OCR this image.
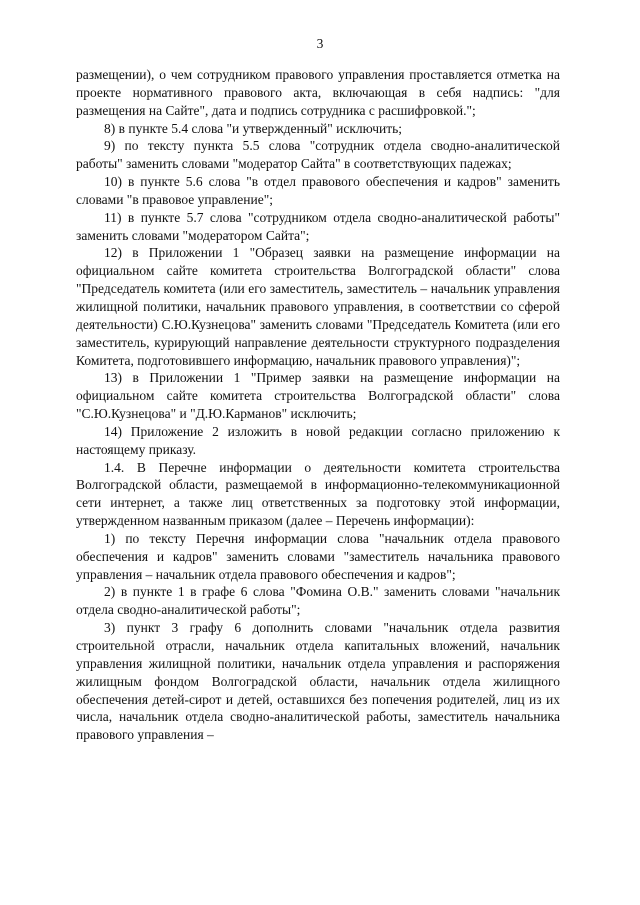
3

размещении), о чем сотрудником правового управления проставляется отметка на проекте нормативного правового акта, включающая в себя надпись: "для размещения на Сайте", дата и подпись сотрудника с расшифровкой.";

8) в пункте 5.4 слова "и утвержденный" исключить;

9) по тексту пункта 5.5 слова "сотрудник отдела сводно-аналитической работы" заменить словами "модератор Сайта" в соответствующих падежах;

10) в пункте 5.6 слова "в отдел правового обеспечения и кадров" заменить словами "в правовое управление";

11) в пункте 5.7 слова "сотрудником отдела сводно-аналитической работы" заменить словами "модератором Сайта";

12) в Приложении 1 "Образец заявки на размещение информации на официальном сайте комитета строительства Волгоградской области" слова "Председатель комитета (или его заместитель, заместитель – начальник управления жилищной политики, начальник правового управления, в соответствии со сферой деятельности) С.Ю.Кузнецова" заменить словами "Председатель Комитета (или его заместитель, курирующий направление деятельности структурного подразделения Комитета, подготовившего информацию, начальник правового управления)";

13) в Приложении 1 "Пример заявки на размещение информации на официальном сайте комитета строительства Волгоградской области" слова "С.Ю.Кузнецова" и "Д.Ю.Карманов" исключить;

14) Приложение 2 изложить в новой редакции согласно приложению к настоящему приказу.

1.4. В Перечне информации о деятельности комитета строительства Волгоградской области, размещаемой в информационно-телекоммуникационной сети интернет, а также лиц ответственных за подготовку этой информации, утвержденном названным приказом (далее – Перечень информации):

1) по тексту Перечня информации слова "начальник отдела правового обеспечения и кадров" заменить словами "заместитель начальника правового управления – начальник отдела правового обеспечения и кадров";

2) в пункте 1 в графе 6 слова "Фомина О.В." заменить словами "начальник отдела сводно-аналитической работы";

3) пункт 3 графу 6 дополнить словами "начальник отдела развития строительной отрасли, начальник отдела капитальных вложений, начальник управления жилищной политики, начальник отдела управления и распоряжения жилищным фондом Волгоградской области, начальник отдела жилищного обеспечения детей-сирот и детей, оставшихся без попечения родителей, лиц из их числа, начальник отдела сводно-аналитической работы, заместитель начальника правового управления –
